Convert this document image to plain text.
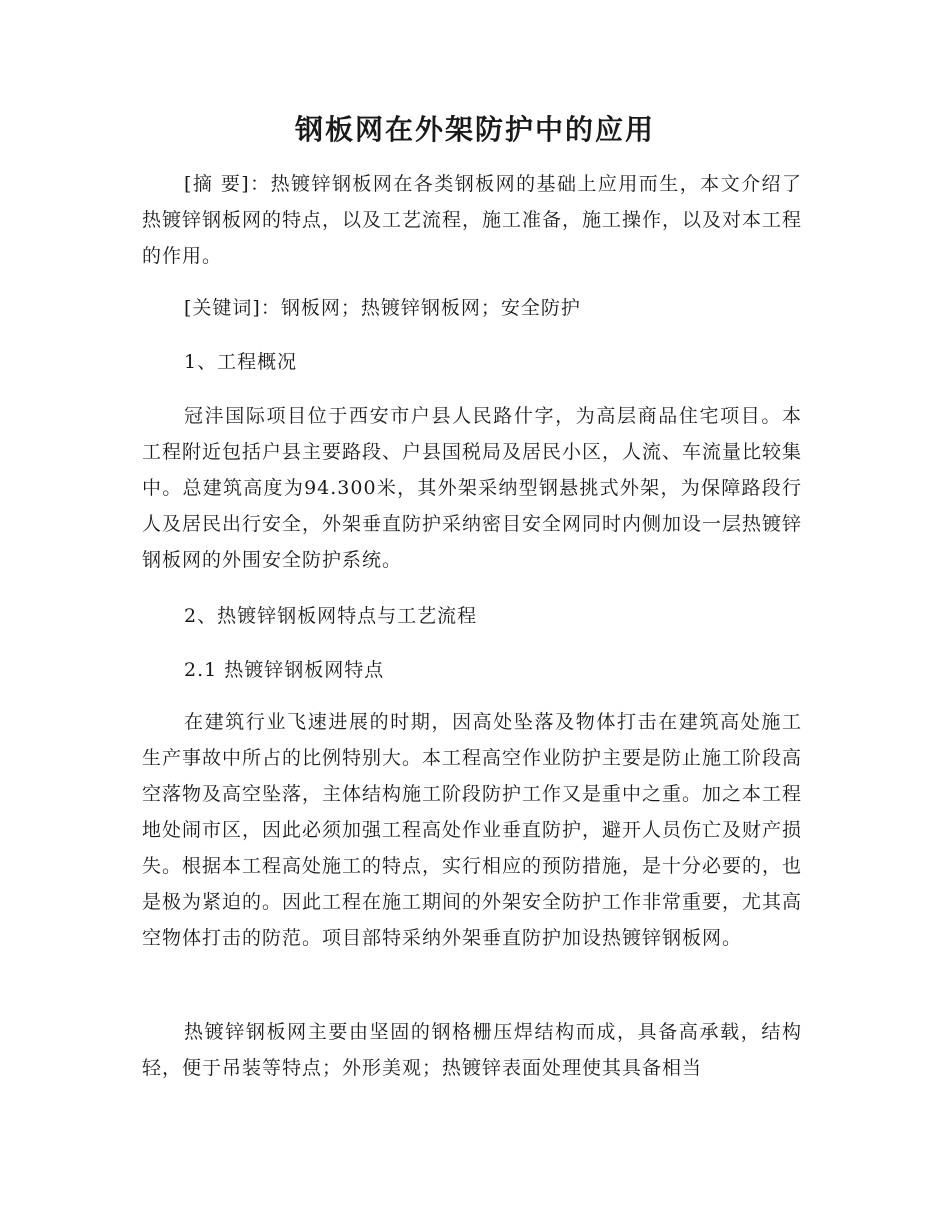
钢板网在外架防护中的应用

[摘 要]：热镀锌钢板网在各类钢板网的基础上应用而生，本文介绍了热镀锌钢板网的特点，以及工艺流程，施工准备，施工操作，以及对本工程的作用。

[关键词]：钢板网；热镀锌钢板网；安全防护

1、工程概况

冠沣国际项目位于西安市户县人民路什字，为高层商品住宅项目。本工程附近包括户县主要路段、户县国税局及居民小区，人流、车流量比较集中。总建筑高度为94.300米，其外架采纳型钢悬挑式外架，为保障路段行人及居民出行安全，外架垂直防护采纳密目安全网同时内侧加设一层热镀锌钢板网的外围安全防护系统。

2、热镀锌钢板网特点与工艺流程

2.1 热镀锌钢板网特点

在建筑行业飞速进展的时期，因高处坠落及物体打击在建筑高处施工生产事故中所占的比例特别大。本工程高空作业防护主要是防止施工阶段高空落物及高空坠落，主体结构施工阶段防护工作又是重中之重。加之本工程地处闹市区，因此必须加强工程高处作业垂直防护，避开人员伤亡及财产损失。根据本工程高处施工的特点，实行相应的预防措施，是十分必要的，也是极为紧迫的。因此工程在施工期间的外架安全防护工作非常重要，尤其高空物体打击的防范。项目部特采纳外架垂直防护加设热镀锌钢板网。

热镀锌钢板网主要由坚固的钢格栅压焊结构而成，具备高承载，结构轻，便于吊装等特点；外形美观；热镀锌表面处理使其具备相当
